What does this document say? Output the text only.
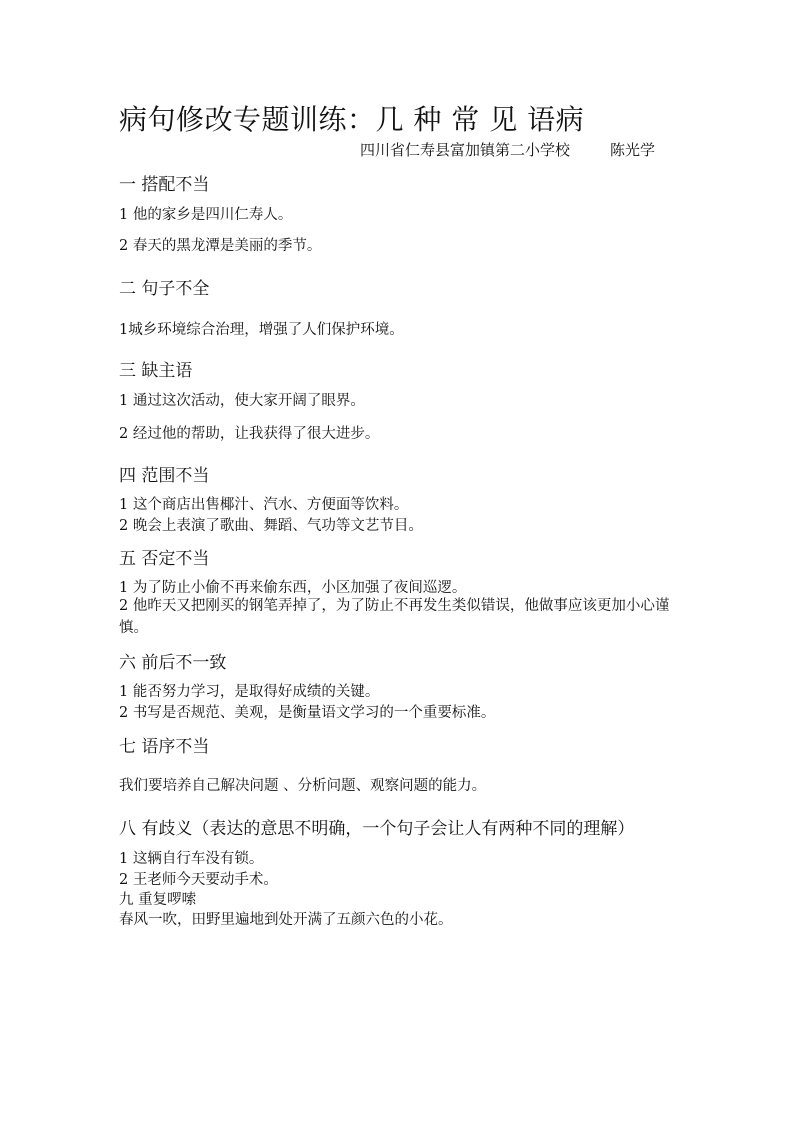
病句修改专题训练：几 种 常 见 语病
四川省仁寿县富加镇第二小学校	陈光学
一 搭配不当
1 他的家乡是四川仁寿人。
2 春天的黑龙潭是美丽的季节。
二 句子不全
1城乡环境综合治理，增强了人们保护环境。
三 缺主语
1 通过这次活动，使大家开阔了眼界。
2 经过他的帮助，让我获得了很大进步。
四 范围不当
1 这个商店出售椰汁、汽水、方便面等饮料。
2 晚会上表演了歌曲、舞蹈、气功等文艺节目。
五 否定不当
1 为了防止小偷不再来偷东西，小区加强了夜间巡逻。
2 他昨天又把刚买的钢笔弄掉了，为了防止不再发生类似错误，他做事应该更加小心谨慎。
六 前后不一致
1 能否努力学习，是取得好成绩的关键。
2 书写是否规范、美观，是衡量语文学习的一个重要标准。
七 语序不当
我们要培养自己解决问题 、分析问题、观察问题的能力。
八 有歧义（表达的意思不明确，一个句子会让人有两种不同的理解）
1 这辆自行车没有锁。
2 王老师今天要动手术。
九 重复啰嗦
春风一吹，田野里遍地到处开满了五颜六色的小花。
